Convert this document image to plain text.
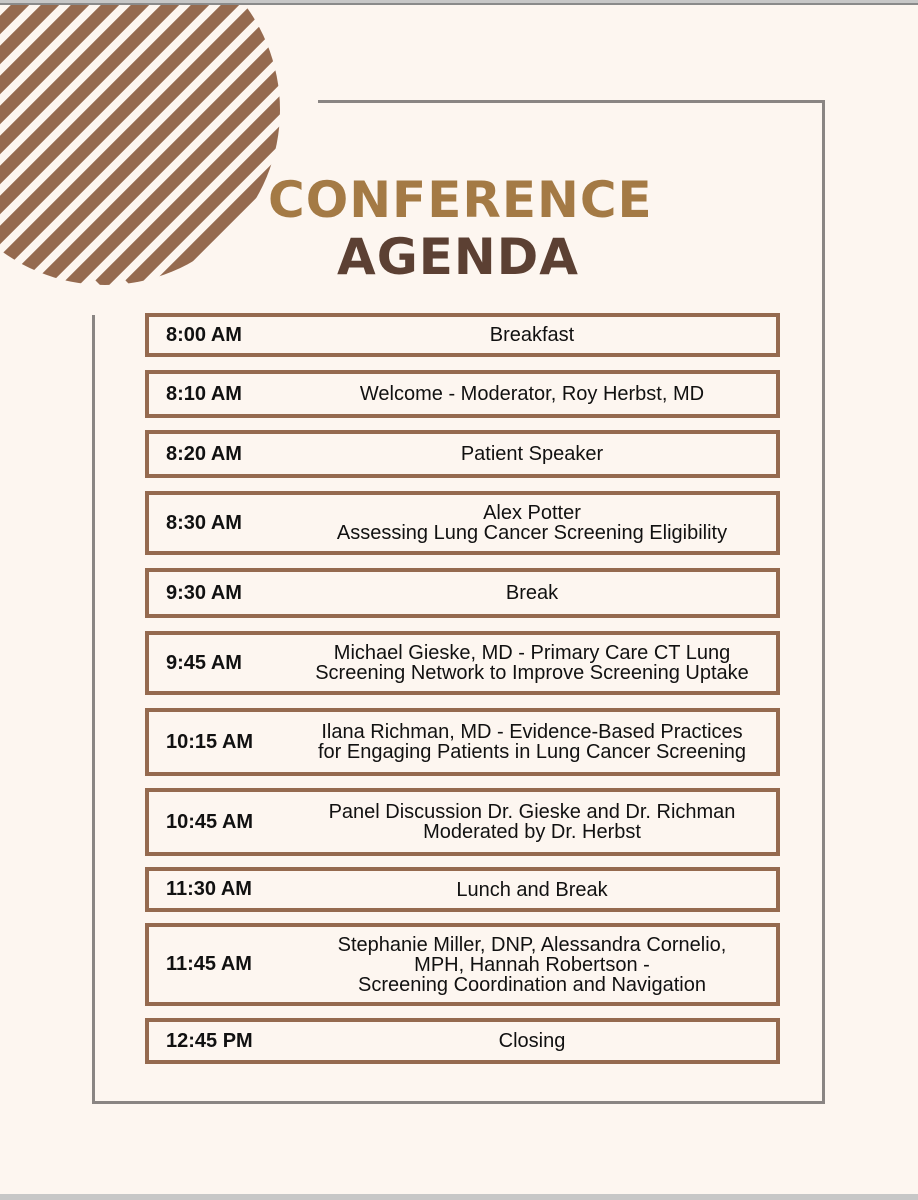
CONFERENCE
AGENDA
8:00 AM	Breakfast
8:10 AM	Welcome - Moderator, Roy Herbst, MD
8:20 AM	Patient Speaker
8:30 AM	Alex Potter
Assessing Lung Cancer Screening Eligibility
9:30 AM	Break
9:45 AM	Michael Gieske, MD - Primary Care CT Lung
Screening Network to Improve Screening Uptake
10:15 AM	Ilana Richman, MD - Evidence-Based Practices
for Engaging Patients in Lung Cancer Screening
10:45 AM	Panel Discussion Dr. Gieske and Dr. Richman
Moderated by Dr. Herbst
11:30 AM	Lunch and Break
11:45 AM
Stephanie Miller, DNP, Alessandra Cornelio,
MPH, Hannah Robertson -
Screening Coordination and Navigation
12:45 PM	Closing
